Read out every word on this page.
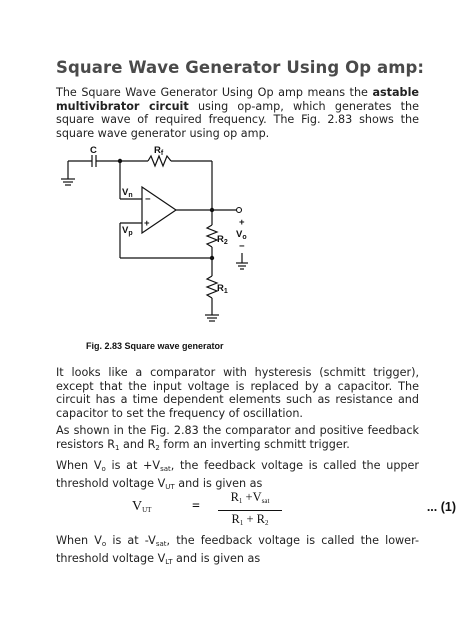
Square Wave Generator Using Op amp:
The Square Wave Generator Using Op amp means the astable multivibrator circuit using op-amp, which generates the square wave of required frequency. The Fig. 2.83 shows the square wave generator using op amp.
C	$R_f$
$V_n$ −
+
$V_p$
$R_2$
$R_1$
+
$V_o$
−
Fig. 2.83 Square wave generator
It looks like a comparator with hysteresis (schmitt trigger), except that the input voltage is replaced by a capacitor. The circuit has a time dependent elements such as resistance and capacitor to set the frequency of oscillation.
As shown in the Fig. 2.83 the comparator and positive feedback resistors $R_1$ and $R_2$ form an inverting schmitt trigger.
When $V_o$ is at $+V_{sat}$, the feedback voltage is called the upper threshold voltage $V_{UT}$ and is given as
$V_{UT}$	=
$R_1 +V_{sat}$
$R_1 + R_2$
... (1)
When $V_o$ is at $-V_{sat}$, the feedback voltage is called the lower-threshold voltage $V_{LT}$ and is given as
